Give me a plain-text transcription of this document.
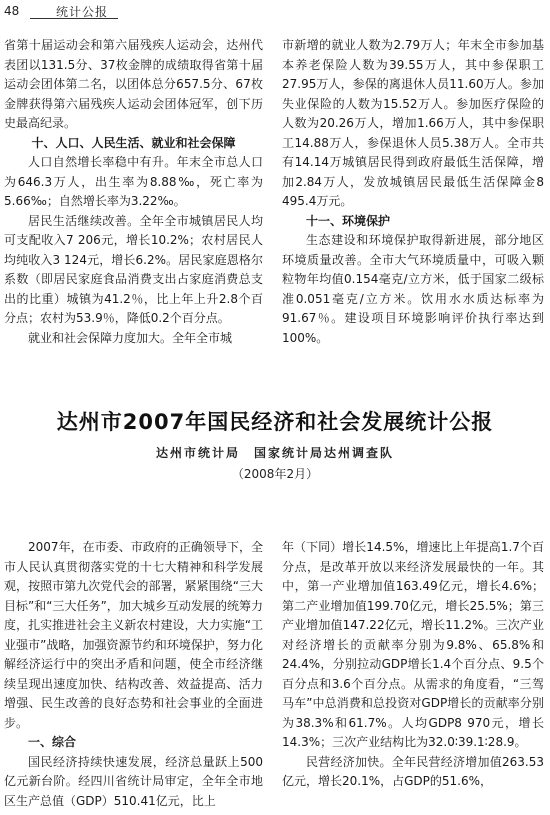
48	统计公报

省第十届运动会和第六届残疾人运动会，达州代表团以131.5分、37枚金牌的成绩取得省第十届运动会团体第二名，以团体总分657.5分、67枚金牌获得第六届残疾人运动会团体冠军，创下历史最高纪录。

十、人口、人民生活、就业和社会保障

人口自然增长率稳中有升。年末全市总人口为646.3万人，出生率为8.88‰，死亡率为5.66‰；自然增长率为3.22‰。

居民生活继续改善。全年全市城镇居民人均可支配收入7 206元，增长10.2%；农村居民人均纯收入3 124元，增长6.2%。居民家庭恩格尔系数（即居民家庭食品消费支出占家庭消费总支出的比重）城镇为41.2％，比上年上升2.8个百分点；农村为53.9％，降低0.2个百分点。

就业和社会保障力度加大。全年全市城

市新增的就业人数为2.79万人；年末全市参加基本养老保险人数为39.55万人，其中参保职工27.95万人，参保的离退休人员11.60万人。参加失业保险的人数为15.52万人。参加医疗保险的人数为20.26万人，增加1.66万人，其中参保职工14.88万人，参保退休人员5.38万人。全市共有14.14万城镇居民得到政府最低生活保障，增加2.84万人，发放城镇居民最低生活保障金8 495.4万元。

十一、环境保护

生态建设和环境保护取得新进展，部分地区环境质量改善。全市大气环境质量中，可吸入颗粒物年均值0.154毫克/立方米，低于国家二级标准0.051毫克/立方米。饮用水水质达标率为91.67％。建设项目环境影响评价执行率达到100%。

达州市2007年国民经济和社会发展统计公报

达州市统计局　国家统计局达州调查队
（2008年2月）

2007年，在市委、市政府的正确领导下，全市人民认真贯彻落实党的十七大精神和科学发展观，按照市第九次党代会的部署，紧紧围绕“三大目标”和“三大任务”，加大城乡互动发展的统筹力度，扎实推进社会主义新农村建设，大力实施“工业强市”战略，加强资源节约和环境保护，努力化解经济运行中的突出矛盾和问题，使全市经济继续呈现出速度加快、结构改善、效益提高、活力增强、民生改善的良好态势和社会事业的全面进步。

一、综合

国民经济持续快速发展，经济总量跃上500亿元新台阶。经四川省统计局审定，全年全市地区生产总值（GDP）510.41亿元，比上

年（下同）增长14.5%，增速比上年提高1.7个百分点，是改革开放以来经济发展最快的一年。其中，第一产业增加值163.49亿元，增长4.6%；第二产业增加值199.70亿元，增长25.5%；第三产业增加值147.22亿元，增长11.2%。三次产业对经济增长的贡献率分别为9.8%、65.8%和24.4%，分别拉动GDP增长1.4个百分点、9.5个百分点和3.6个百分点。从需求的角度看，“三驾马车”中总消费和总投资对GDP增长的贡献率分别为38.3%和61.7%。人均GDP8 970元，增长14.3%；三次产业结构比为32.0∶39.1∶28.9。

民营经济加快。全年民营经济增加值263.53亿元，增长20.1%，占GDP的51.6%，
